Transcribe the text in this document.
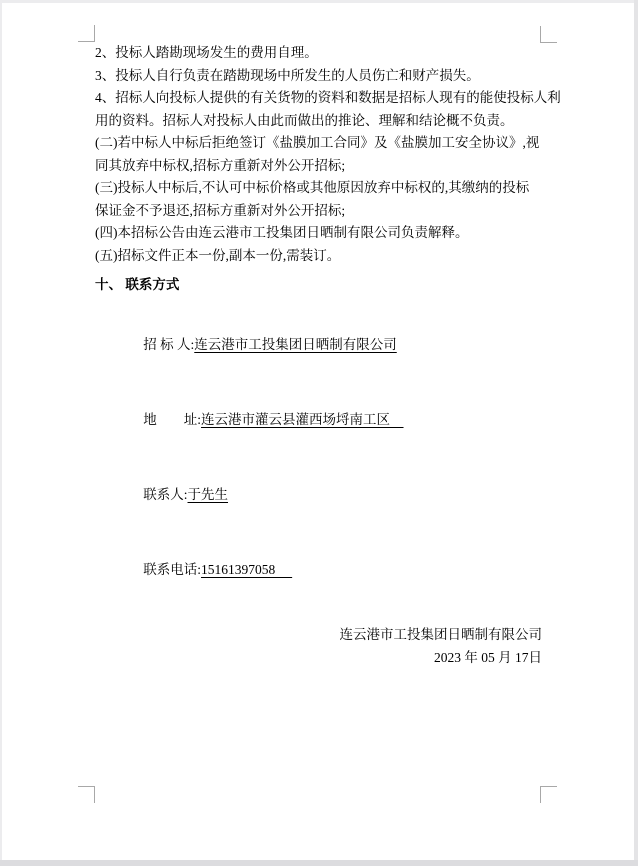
2、投标人踏勘现场发生的费用自理。
3、投标人自行负责在踏勘现场中所发生的人员伤亡和财产损失。
4、招标人向投标人提供的有关货物的资料和数据是招标人现有的能使投标人利
用的资料。招标人对投标人由此而做出的推论、理解和结论概不负责。
(二)若中标人中标后拒绝签订《盐膜加工合同》及《盐膜加工安全协议》,视
同其放弃中标权,招标方重新对外公开招标;
(三)投标人中标后,不认可中标价格或其他原因放弃中标权的,其缴纳的投标
保证金不予退还,招标方重新对外公开招标;
(四)本招标公告由连云港市工投集团日晒制有限公司负责解释。
(五)招标文件正本一份,副本一份,需装订。
十、 联系方式

招 标 人:连云港市工投集团日晒制有限公司

地　　址:连云港市灌云县灌西场埒南工区　

联系人:于先生

联系电话:15161397058

连云港市工投集团日晒制有限公司
2023 年 05 月 17日
